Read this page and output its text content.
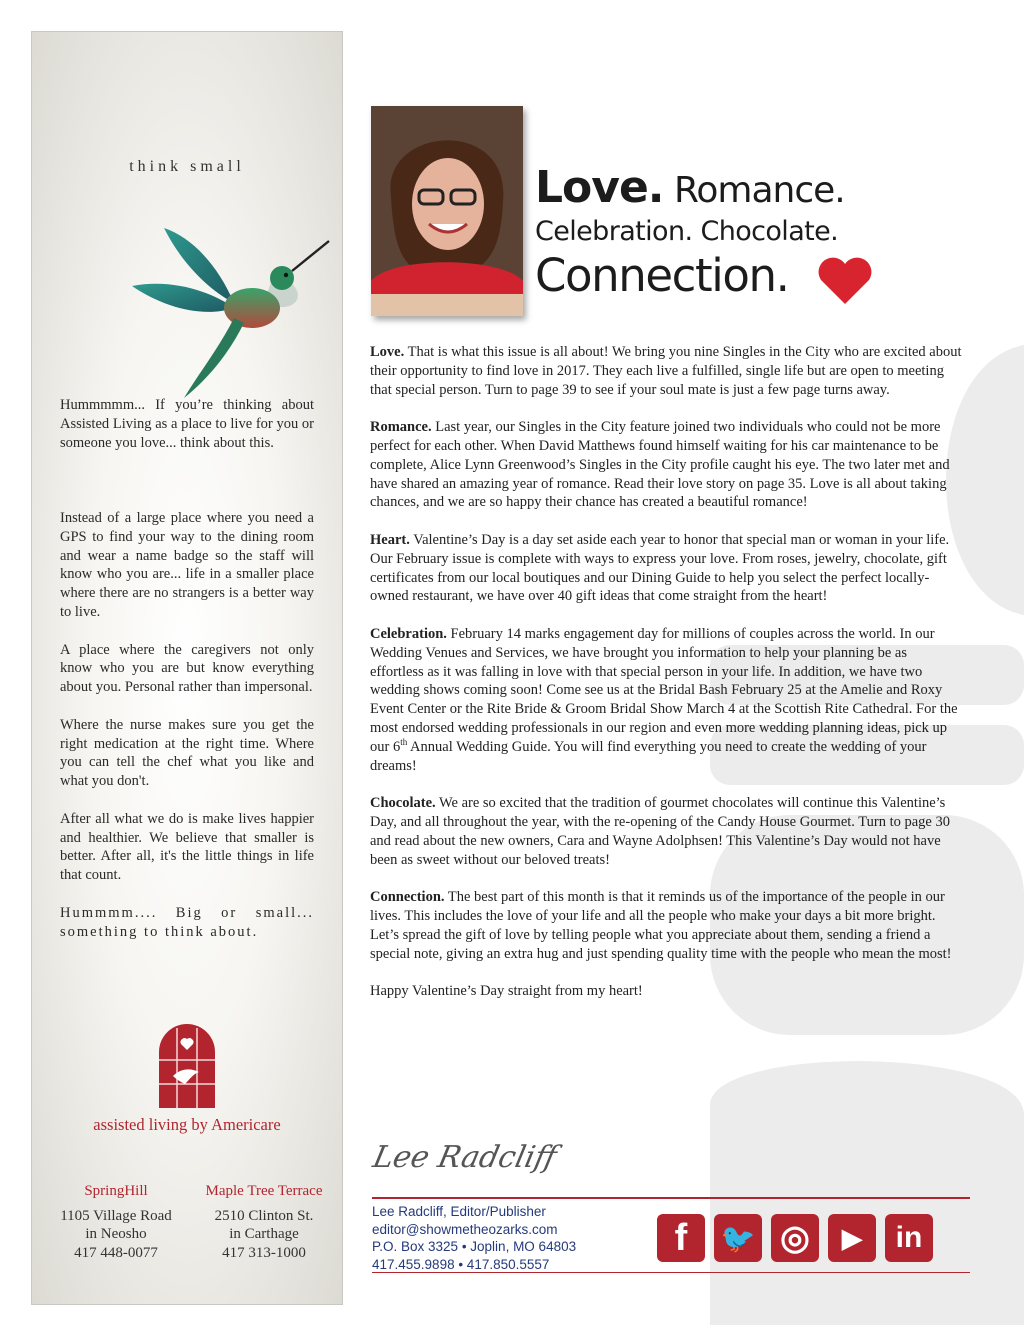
think small

Hummmmm... If you’re thinking about Assisted Living as a place to live for you or someone you love... think about this.

Instead of a large place where you need a GPS to find your way to the dining room and wear a name badge so the staff will know who you are... life in a smaller place where there are no strangers is a better way to live.

A place where the caregivers not only know who you are but know everything about you. Personal rather than impersonal.

Where the nurse makes sure you get the right medication at the right time. Where you can tell the chef what you like and what you don't.

After all what we do is make lives happier and healthier. We believe that smaller is better. After all, it's the little things in life that count.

Hummmm.... Big or small... something to think about.

assisted living by Americare
SpringHill
1105 Village Road
in Neosho
417 448-0077
Maple Tree Terrace
2510 Clinton St.
in Carthage
417 313-1000
Love. Romance.
Celebration. Chocolate.
Connection.

Love. That is what this issue is all about! We bring you nine Singles in the City who are excited about their opportunity to find love in 2017. They each live a fulfilled, single life but are open to meeting that special person. Turn to page 39 to see if your soul mate is just a few page turns away.

Romance. Last year, our Singles in the City feature joined two individuals who could not be more perfect for each other. When David Matthews found himself waiting for his car maintenance to be complete, Alice Lynn Greenwood’s Singles in the City profile caught his eye. The two later met and have shared an amazing year of romance. Read their love story on page 35. Love is all about taking chances, and we are so happy their chance has created a beautiful romance!

Heart. Valentine’s Day is a day set aside each year to honor that special man or woman in your life. Our February issue is complete with ways to express your love. From roses, jewelry, chocolate, gift certificates from our local boutiques and our Dining Guide to help you select the perfect locally-owned restaurant, we have over 40 gift ideas that come straight from the heart!

Celebration. February 14 marks engagement day for millions of couples across the world. In our Wedding Venues and Services, we have brought you information to help your planning be as effortless as it was falling in love with that special person in your life. In addition, we have two wedding shows coming soon! Come see us at the Bridal Bash February 25 at the Amelie and Roxy Event Center or the Rite Bride & Groom Bridal Show March 4 at the Scottish Rite Cathedral. For the most endorsed wedding professionals in our region and even more wedding planning ideas, pick up our 6th Annual Wedding Guide. You will find everything you need to create the wedding of your dreams!

Chocolate. We are so excited that the tradition of gourmet chocolates will continue this Valentine’s Day, and all throughout the year, with the re-opening of the Candy House Gourmet. Turn to page 30 and read about the new owners, Cara and Wayne Adolphsen! This Valentine’s Day would not have been as sweet without our beloved treats!

Connection. The best part of this month is that it reminds us of the importance of the people in our lives. This includes the love of your life and all the people who make your days a bit more bright. Let’s spread the gift of love by telling people what you appreciate about them, sending a friend a special note, giving an extra hug and just spending quality time with the people who mean the most!

Happy Valentine’s Day straight from my heart!

Lee Radcliff
Lee Radcliff, Editor/Publisher
editor@showmetheozarks.com
P.O. Box 3325 • Joplin, MO 64803
417.455.9898 • 417.850.5557
f	🐦 ◎	▶	in
